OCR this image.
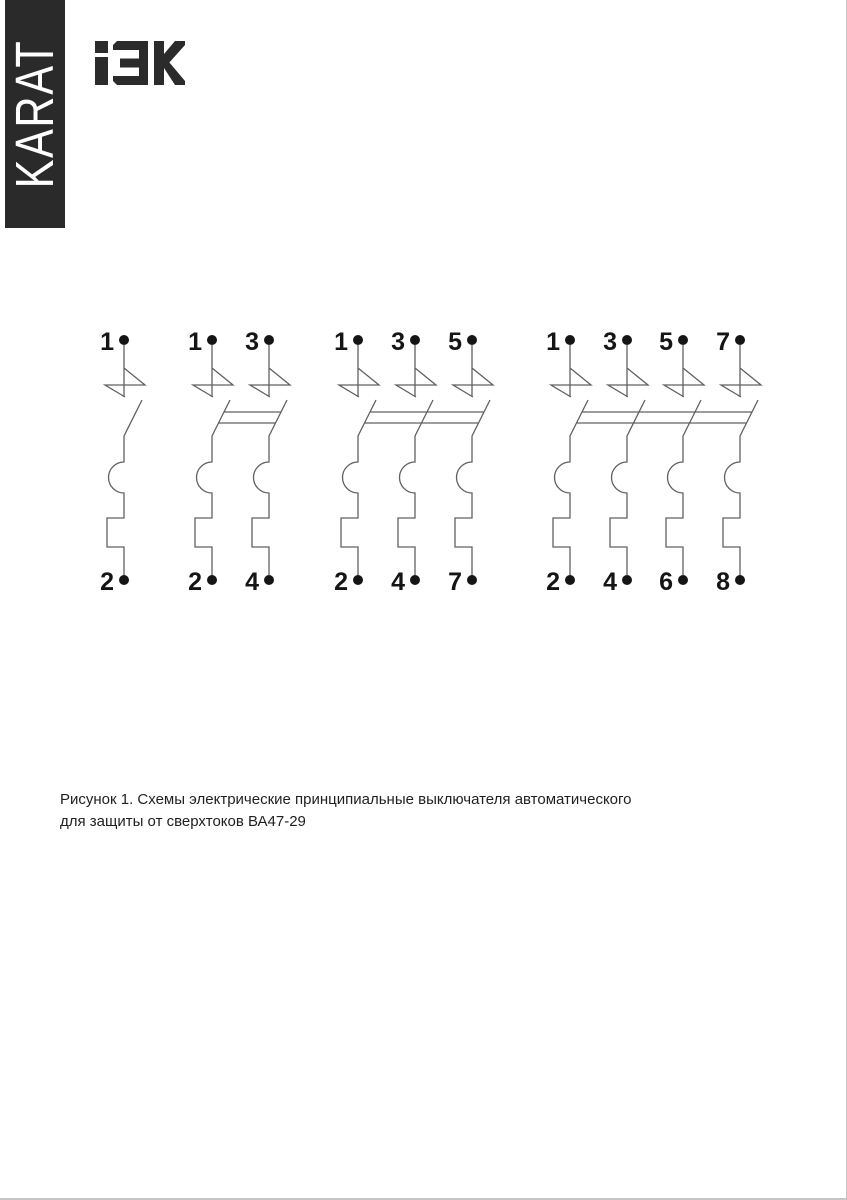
KARAT
1
2
1
2
3
4
1
2
3
4
5
7
1
2
3
4
5
6
7
8
Рисунок 1. Схемы электрические принципиальные выключателя автоматического
для защиты от сверхтоков ВА47-29
